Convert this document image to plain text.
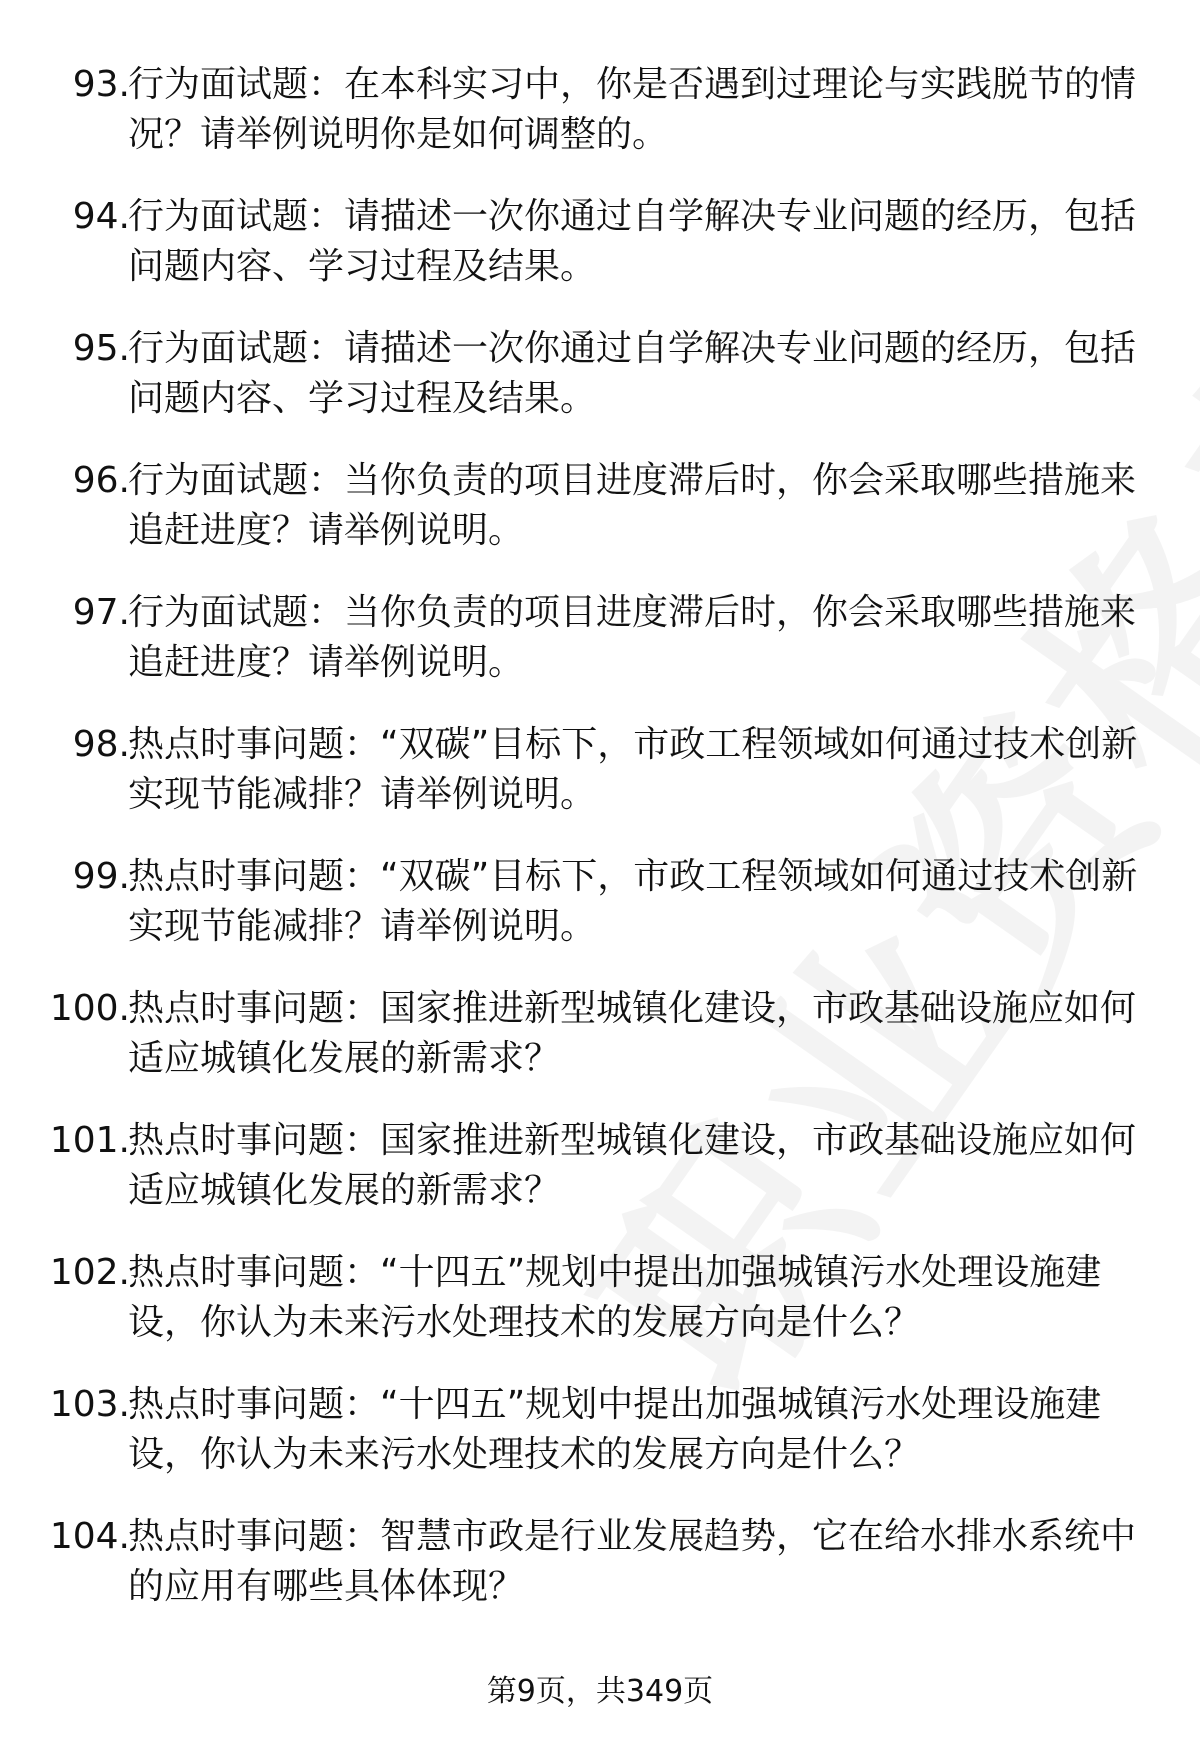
93.
行为面试题：在本科实习中，你是否遇到过理论与实践脱节的情况？请举例说明你是如何调整的。
94.
行为面试题：请描述一次你通过自学解决专业问题的经历，包括问题内容、学习过程及结果。
95.
行为面试题：请描述一次你通过自学解决专业问题的经历，包括问题内容、学习过程及结果。
96.
行为面试题：当你负责的项目进度滞后时，你会采取哪些措施来追赶进度？请举例说明。
97.
行为面试题：当你负责的项目进度滞后时，你会采取哪些措施来追赶进度？请举例说明。
98.
热点时事问题：“双碳”目标下，市政工程领域如何通过技术创新实现节能减排？请举例说明。
99.
热点时事问题：“双碳”目标下，市政工程领域如何通过技术创新实现节能减排？请举例说明。
100.
热点时事问题：国家推进新型城镇化建设，市政基础设施应如何适应城镇化发展的新需求？
101.
热点时事问题：国家推进新型城镇化建设，市政基础设施应如何适应城镇化发展的新需求？
102.
热点时事问题：“十四五”规划中提出加强城镇污水处理设施建设，你认为未来污水处理技术的发展方向是什么？
103.
热点时事问题：“十四五”规划中提出加强城镇污水处理设施建设，你认为未来污水处理技术的发展方向是什么？
104.
热点时事问题：智慧市政是行业发展趋势，它在给水排水系统中的应用有哪些具体体现？
第9页，共349页
